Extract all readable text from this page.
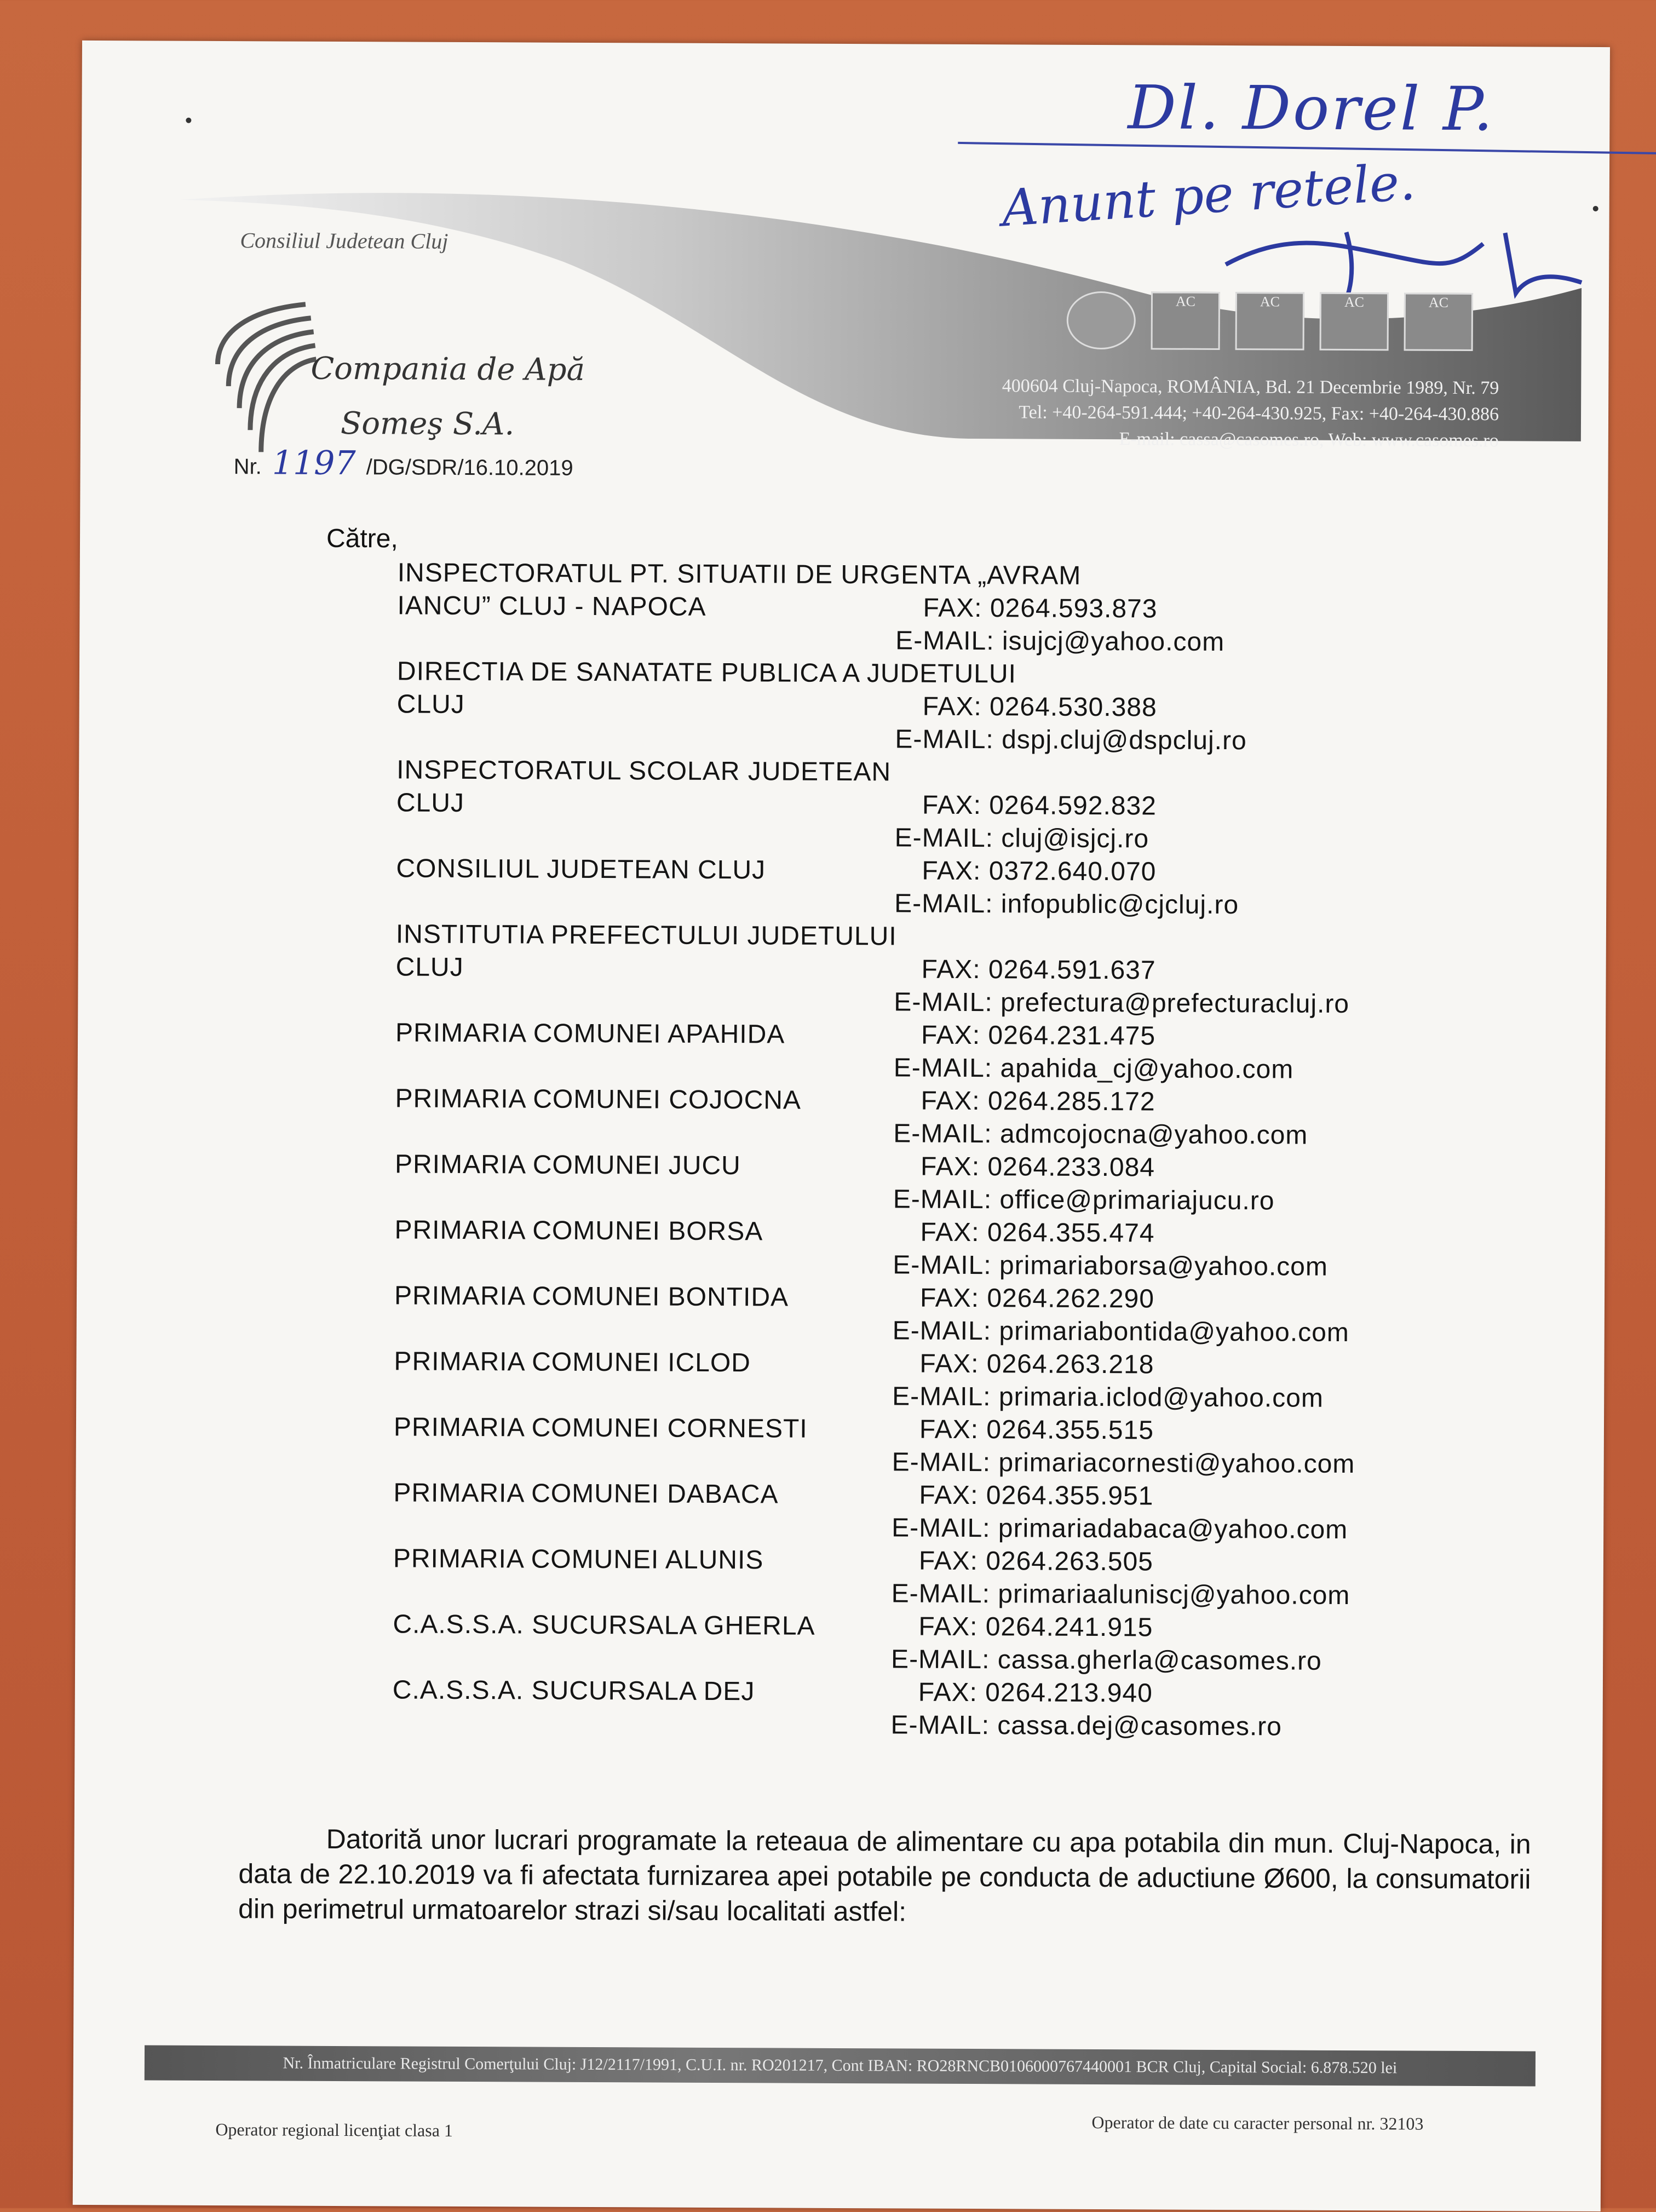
Dl. Dorel P.
Anunt pe retele.
Consiliul Judetean Cluj
Compania de Apă
Someş S.A.
AC	AC	AC	AC
400604 Cluj-Napoca, ROMÂNIA, Bd. 21 Decembrie 1989, Nr. 79
Tel: +40-264-591.444; +40-264-430.925, Fax: +40-264-430.886
E-mail: cassa@casomes.ro, Web: www.casomes.ro
Nr. 1197 /DG/SDR/16.10.2019
Către,
INSPECTORATUL PT. SITUATII DE URGENTA „AVRAM
IANCU” CLUJ - NAPOCA	FAX: 0264.593.873
E-MAIL: isujcj@yahoo.com
DIRECTIA DE SANATATE PUBLICA A JUDETULUI
CLUJ	FAX: 0264.530.388
E-MAIL: dspj.cluj@dspcluj.ro
INSPECTORATUL SCOLAR JUDETEAN
CLUJ	FAX: 0264.592.832
E-MAIL: cluj@isjcj.ro
CONSILIUL JUDETEAN CLUJ	FAX: 0372.640.070
E-MAIL: infopublic@cjcluj.ro
INSTITUTIA PREFECTULUI JUDETULUI
CLUJ	FAX: 0264.591.637
E-MAIL: prefectura@prefecturacluj.ro
PRIMARIA COMUNEI APAHIDA	FAX: 0264.231.475
E-MAIL: apahida_cj@yahoo.com
PRIMARIA COMUNEI COJOCNA	FAX: 0264.285.172
E-MAIL: admcojocna@yahoo.com
PRIMARIA COMUNEI JUCU	FAX: 0264.233.084
E-MAIL: office@primariajucu.ro
PRIMARIA COMUNEI BORSA	FAX: 0264.355.474
E-MAIL: primariaborsa@yahoo.com
PRIMARIA COMUNEI BONTIDA	FAX: 0264.262.290
E-MAIL: primariabontida@yahoo.com
PRIMARIA COMUNEI ICLOD	FAX: 0264.263.218
E-MAIL: primaria.iclod@yahoo.com
PRIMARIA COMUNEI CORNESTI	FAX: 0264.355.515
E-MAIL: primariacornesti@yahoo.com
PRIMARIA COMUNEI DABACA	FAX: 0264.355.951
E-MAIL: primariadabaca@yahoo.com
PRIMARIA COMUNEI ALUNIS	FAX: 0264.263.505
E-MAIL: primariaaluniscj@yahoo.com
C.A.S.S.A. SUCURSALA GHERLA	FAX: 0264.241.915
E-MAIL: cassa.gherla@casomes.ro
C.A.S.S.A. SUCURSALA DEJ	FAX: 0264.213.940
E-MAIL: cassa.dej@casomes.ro
Datorită unor lucrari programate la reteaua de alimentare cu apa potabila din mun. Cluj-Napoca, in data de 22.10.2019 va fi afectata furnizarea apei potabile pe conducta de aductiune Ø600, la consumatorii din perimetrul urmatoarelor strazi si/sau localitati astfel:
Nr. Înmatriculare Registrul Comerţului Cluj: J12/2117/1991, C.U.I. nr. RO201217, Cont IBAN: RO28RNCB0106000767440001 BCR Cluj, Capital Social: 6.878.520 lei
Operator regional licenţiat clasa 1	Operator de date cu caracter personal nr. 32103
